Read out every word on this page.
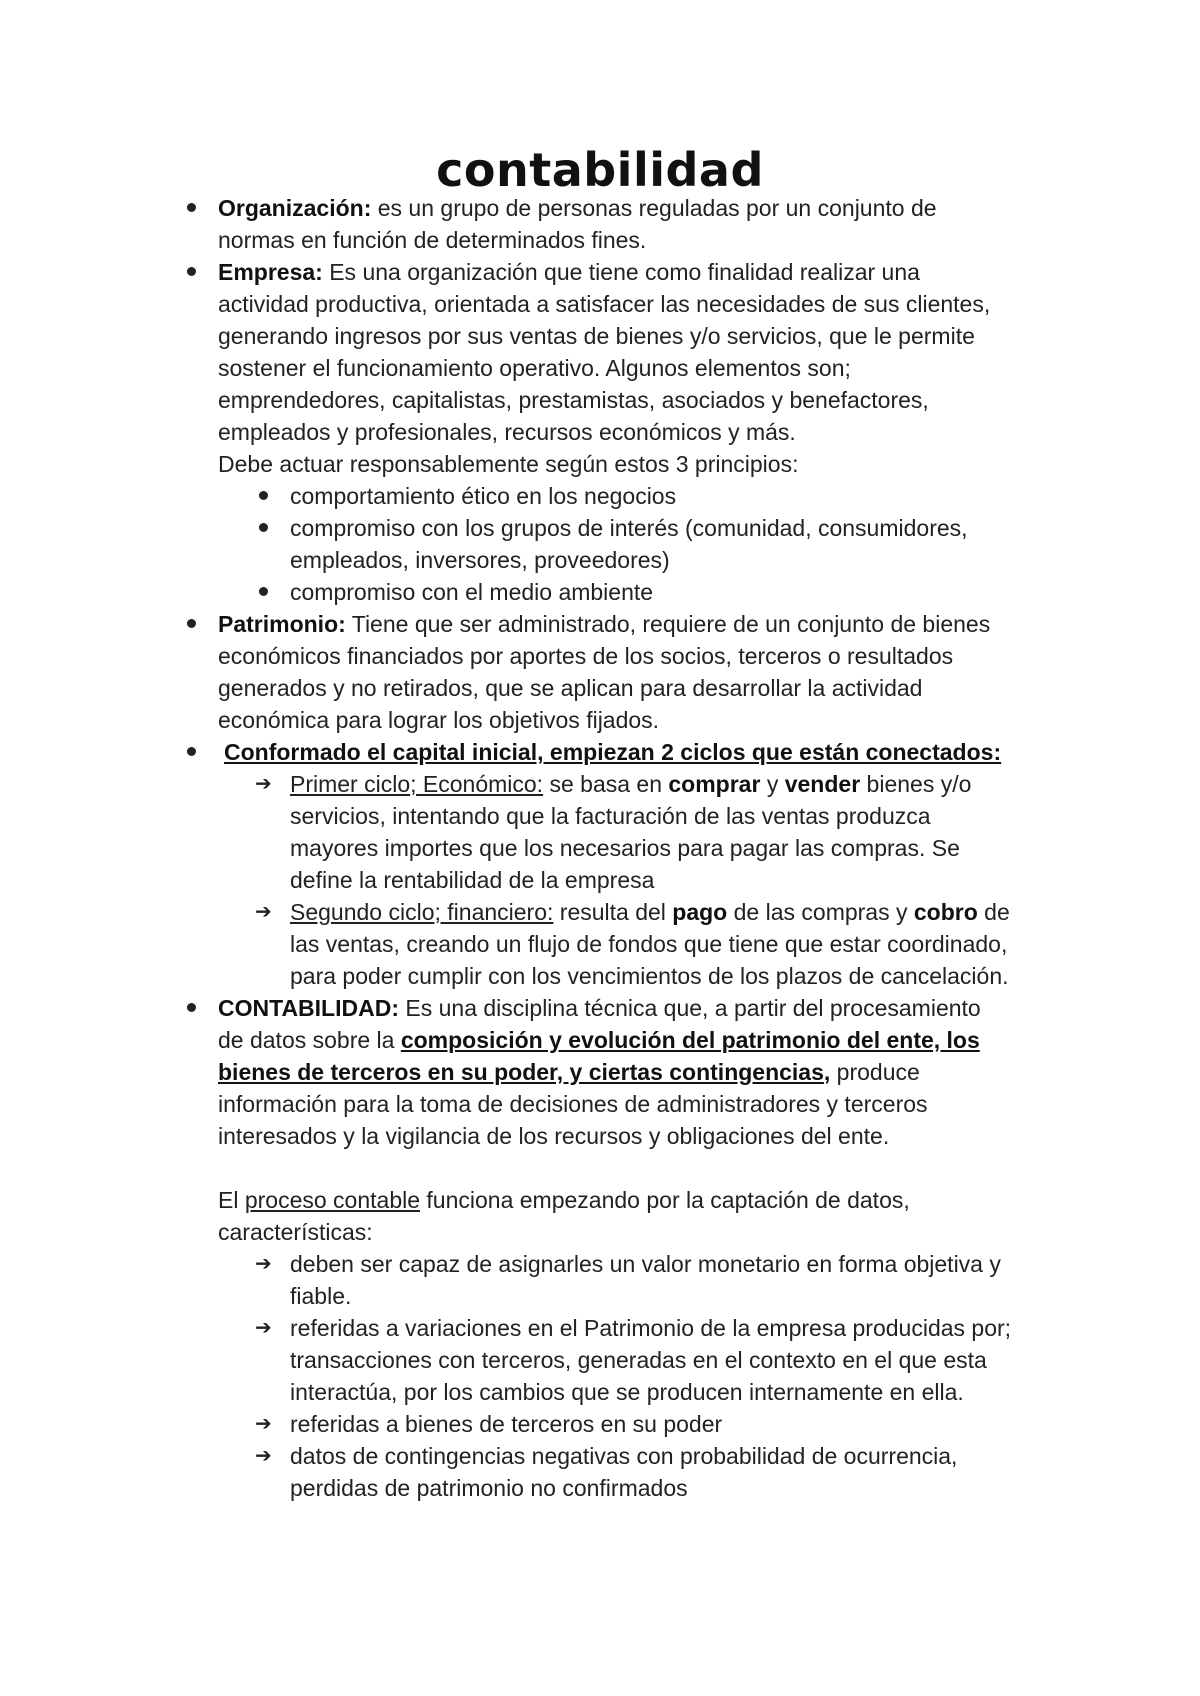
contabilidad
Organización: es un grupo de personas reguladas por un conjunto de
normas en función de determinados fines.
Empresa: Es una organización que tiene como finalidad realizar una
actividad productiva, orientada a satisfacer las necesidades de sus clientes,
generando ingresos por sus ventas de bienes y/o servicios, que le permite
sostener el funcionamiento operativo. Algunos elementos son;
emprendedores, capitalistas, prestamistas, asociados y benefactores,
empleados y profesionales, recursos económicos y más.
Debe actuar responsablemente según estos 3 principios:
comportamiento ético en los negocios
compromiso con los grupos de interés (comunidad, consumidores,
empleados, inversores, proveedores)
compromiso con el medio ambiente
Patrimonio: Tiene que ser administrado, requiere de un conjunto de bienes
económicos financiados por aportes de los socios, terceros o resultados
generados y no retirados, que se aplican para desarrollar la actividad
económica para lograr los objetivos fijados.
Conformado el capital inicial, empiezan 2 ciclos que están conectados:
➔ Primer ciclo; Económico: se basa en comprar y vender bienes y/o
servicios, intentando que la facturación de las ventas produzca
mayores importes que los necesarios para pagar las compras. Se
define la rentabilidad de la empresa
➔ Segundo ciclo; financiero: resulta del pago de las compras y cobro de
las ventas, creando un flujo de fondos que tiene que estar coordinado,
para poder cumplir con los vencimientos de los plazos de cancelación.
CONTABILIDAD: Es una disciplina técnica que, a partir del procesamiento
de datos sobre la composición y evolución del patrimonio del ente, los
bienes de terceros en su poder, y ciertas contingencias, produce
información para la toma de decisiones de administradores y terceros
interesados y la vigilancia de los recursos y obligaciones del ente.
El proceso contable funciona empezando por la captación de datos,
características:
➔ deben ser capaz de asignarles un valor monetario en forma objetiva y
fiable.
➔ referidas a variaciones en el Patrimonio de la empresa producidas por;
transacciones con terceros, generadas en el contexto en el que esta
interactúa, por los cambios que se producen internamente en ella.
➔ referidas a bienes de terceros en su poder
➔ datos de contingencias negativas con probabilidad de ocurrencia,
perdidas de patrimonio no confirmados
